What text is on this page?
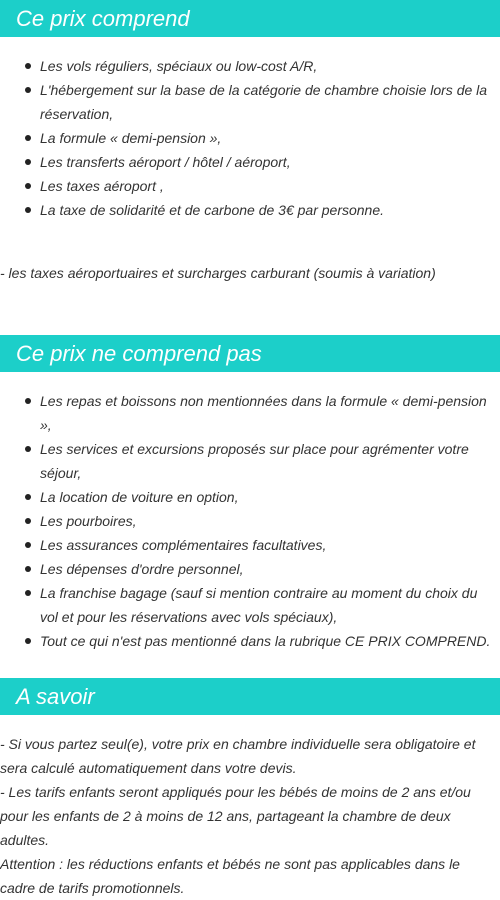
Ce prix comprend
Les vols réguliers, spéciaux ou low-cost A/R,
L'hébergement sur la base de la catégorie de chambre choisie lors de la réservation,
La formule « demi-pension »,
Les transferts aéroport / hôtel / aéroport,
Les taxes aéroport ,
La taxe de solidarité et de carbone de 3€ par personne.

- les taxes aéroportuaires et surcharges carburant (soumis à variation)

Ce prix ne comprend pas
Les repas et boissons non mentionnées dans la formule « demi-pension »,
Les services et excursions proposés sur place pour agrémenter votre séjour,
La location de voiture en option,
Les pourboires,
Les assurances complémentaires facultatives,
Les dépenses d'ordre personnel,
La franchise bagage (sauf si mention contraire au moment du choix du vol et pour les réservations avec vols spéciaux),
Tout ce qui n'est pas mentionné dans la rubrique CE PRIX COMPREND.
A savoir

- Si vous partez seul(e), votre prix en chambre individuelle sera obligatoire et sera calculé automatiquement dans votre devis.

- Les tarifs enfants seront appliqués pour les bébés de moins de 2 ans et/ou pour les enfants de 2 à moins de 12 ans, partageant la chambre de deux adultes.

Attention : les réductions enfants et bébés ne sont pas applicables dans le cadre de tarifs promotionnels.
